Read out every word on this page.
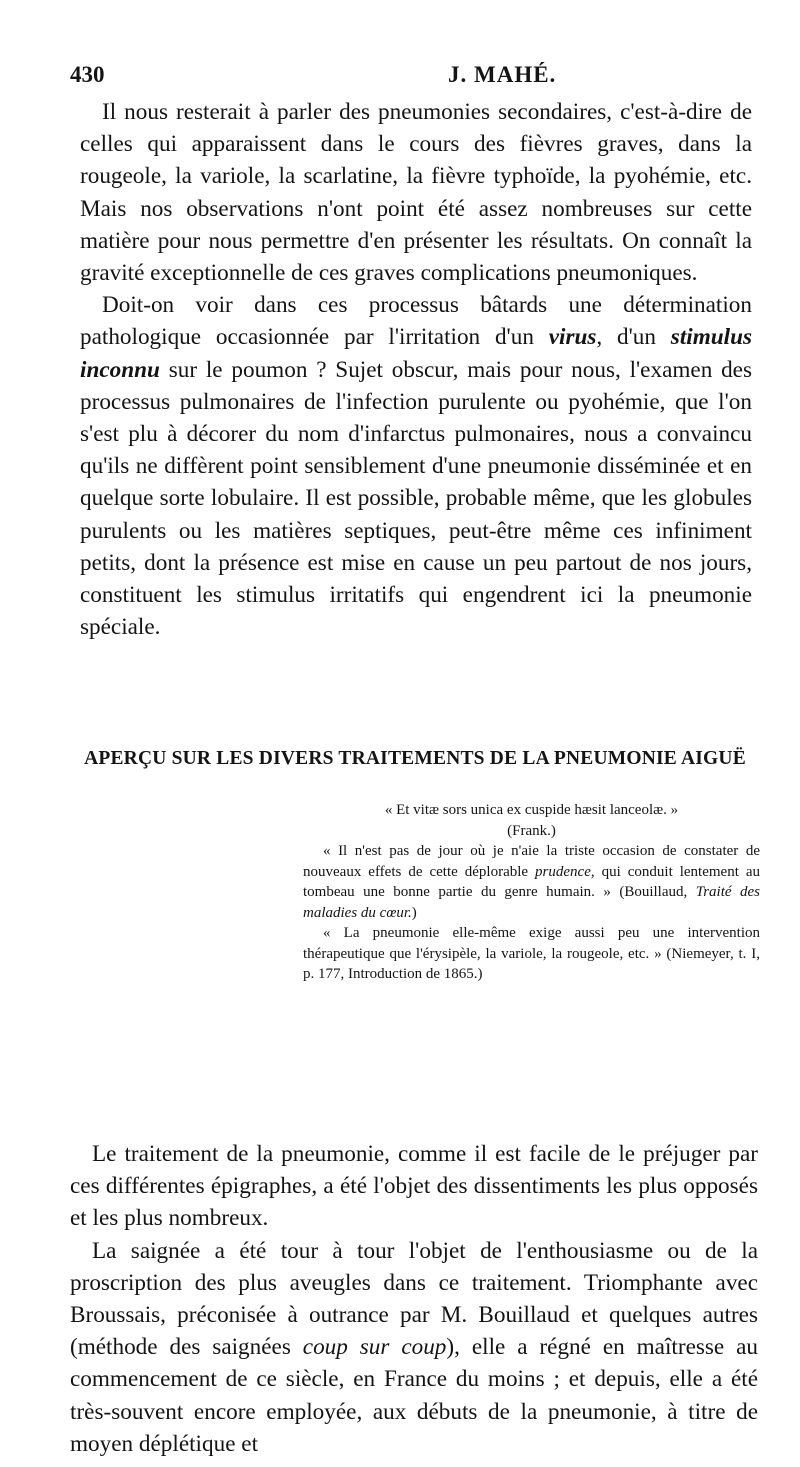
430	J. MAHÉ.

Il nous resterait à parler des pneumonies secondaires, c'est-à-dire de celles qui apparaissent dans le cours des fièvres graves, dans la rougeole, la variole, la scarlatine, la fièvre typhoïde, la pyohémie, etc. Mais nos observations n'ont point été assez nombreuses sur cette matière pour nous permettre d'en présenter les résultats. On connaît la gravité exceptionnelle de ces graves complications pneumoniques.

Doit-on voir dans ces processus bâtards une détermination pathologique occasionnée par l'irritation d'un virus, d'un stimulus inconnu sur le poumon ? Sujet obscur, mais pour nous, l'examen des processus pulmonaires de l'infection purulente ou pyohémie, que l'on s'est plu à décorer du nom d'infarctus pulmonaires, nous a convaincu qu'ils ne diffèrent point sensiblement d'une pneumonie disséminée et en quelque sorte lobulaire. Il est possible, probable même, que les globules purulents ou les matières septiques, peut-être même ces infiniment petits, dont la présence est mise en cause un peu partout de nos jours, constituent les stimulus irritatifs qui engendrent ici la pneumonie spéciale.

APERÇU SUR LES DIVERS TRAITEMENTS DE LA PNEUMONIE AIGUË

« Et vitæ sors unica ex cuspide hæsit lanceolæ. »

(Frank.)

« Il n'est pas de jour où je n'aie la triste occasion de constater de nouveaux effets de cette déplorable prudence, qui conduit lentement au tombeau une bonne partie du genre humain. » (Bouillaud, Traité des maladies du cœur.)

« La pneumonie elle-même exige aussi peu une intervention thérapeutique que l'érysipèle, la variole, la rougeole, etc. » (Niemeyer, t. I, p. 177, Introduction de 1865.)

Le traitement de la pneumonie, comme il est facile de le préjuger par ces différentes épigraphes, a été l'objet des dissentiments les plus opposés et les plus nombreux.

La saignée a été tour à tour l'objet de l'enthousiasme ou de la proscription des plus aveugles dans ce traitement. Triomphante avec Broussais, préconisée à outrance par M. Bouillaud et quelques autres (méthode des saignées coup sur coup), elle a régné en maîtresse au commencement de ce siècle, en France du moins ; et depuis, elle a été très-souvent encore employée, aux débuts de la pneumonie, à titre de moyen déplétique et
